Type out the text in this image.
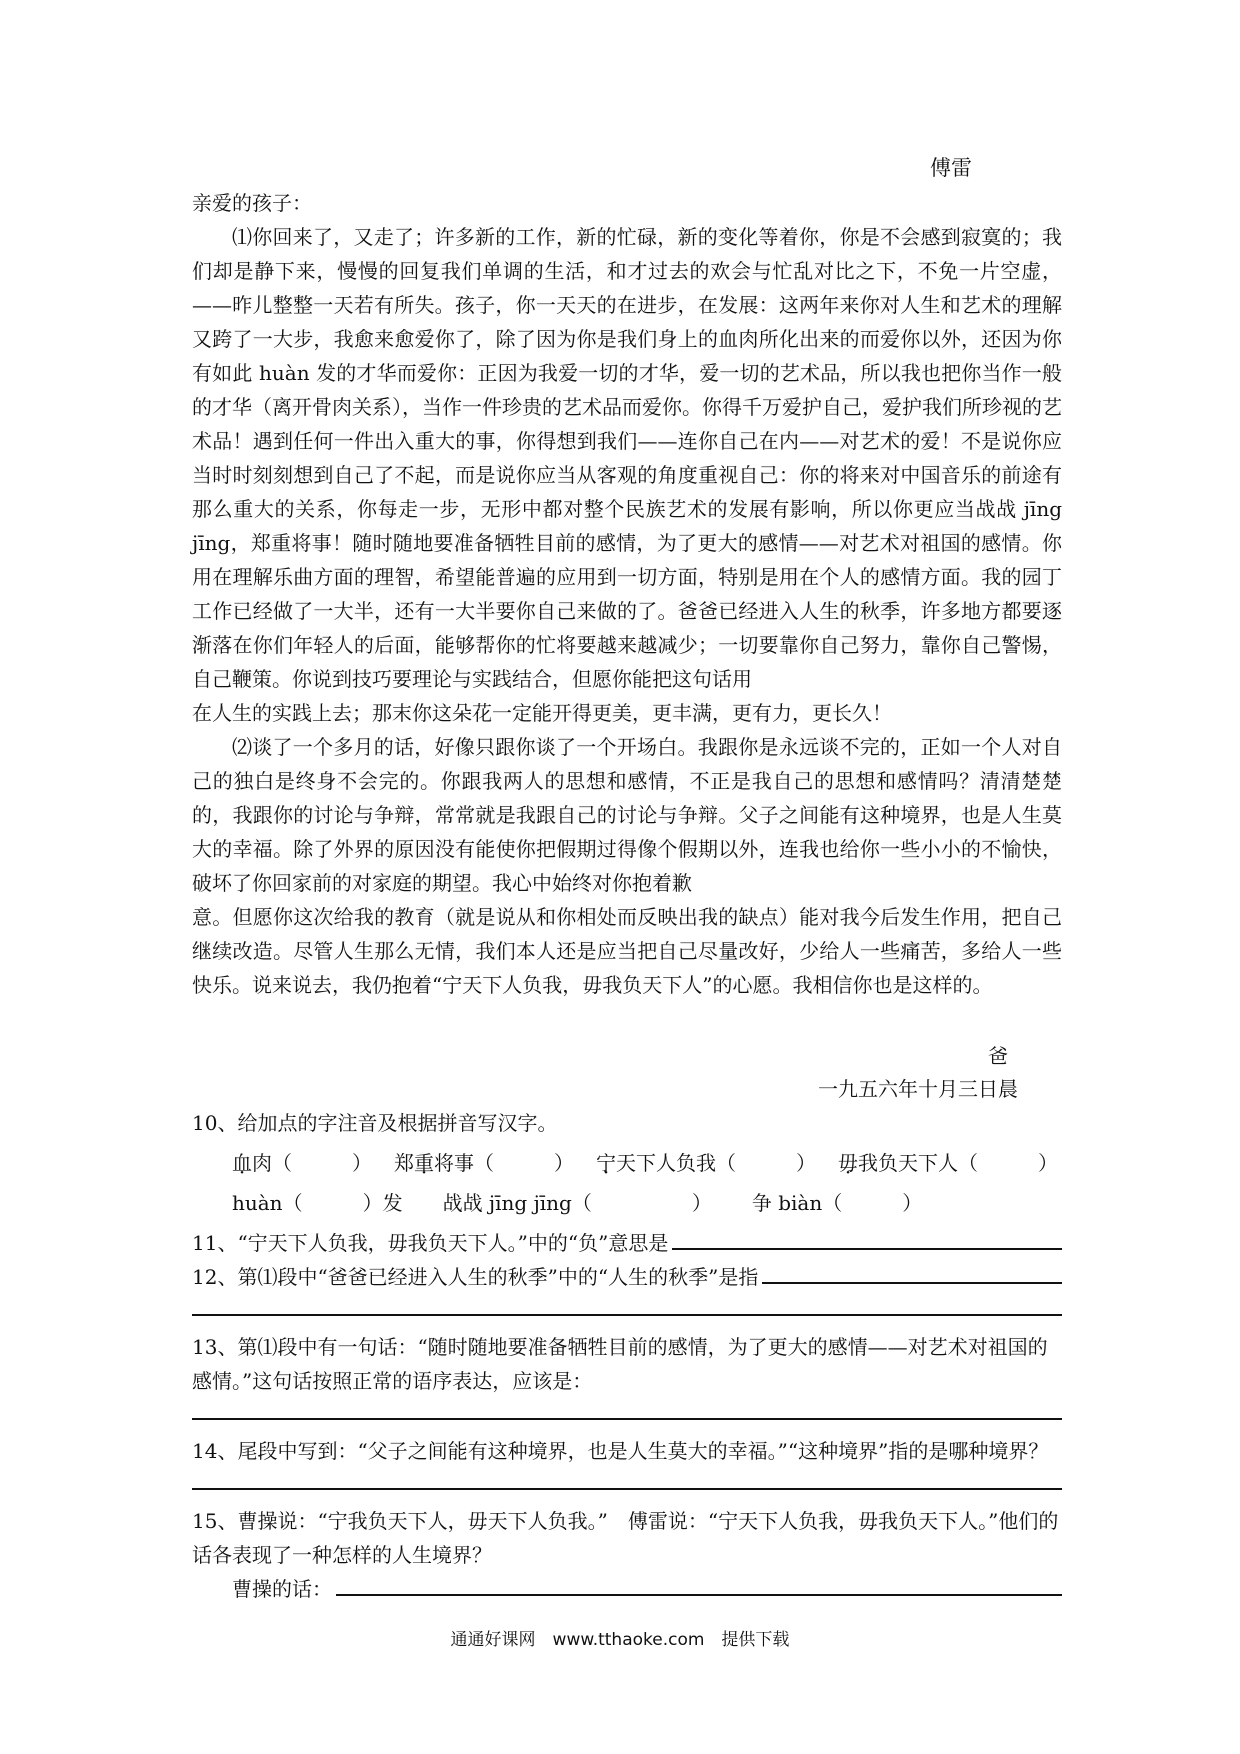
傅雷

亲爱的孩子：

⑴你回来了，又走了；许多新的工作，新的忙碌，新的变化等着你，你是不会感到寂寞的；我们却是静下来，慢慢的回复我们单调的生活，和才过去的欢会与忙乱对比之下，不免一片空虚，——昨儿整整一天若有所失。孩子，你一天天的在进步，在发展：这两年来你对人生和艺术的理解又跨了一大步，我愈来愈爱你了，除了因为你是我们身上的血肉所化出来的而爱你以外，还因为你有如此 huàn 发的才华而爱你：正因为我爱一切的才华，爱一切的艺术品，所以我也把你当作一般的才华（离开骨肉关系），当作一件珍贵的艺术品而爱你。你得千万爱护自己，爱护我们所珍视的艺术品！遇到任何一件出入重大的事，你得想到我们——连你自己在内——对艺术的爱！不是说你应当时时刻刻想到自己了不起，而是说你应当从客观的角度重视自己：你的将来对中国音乐的前途有那么重大的关系，你每走一步，无形中都对整个民族艺术的发展有影响，所以你更应当战战 jīng jīng，郑重将事！随时随地要准备牺牲目前的感情，为了更大的感情——对艺术对祖国的感情。你用在理解乐曲方面的理智，希望能普遍的应用到一切方面，特别是用在个人的感情方面。我的园丁工作已经做了一大半，还有一大半要你自己来做的了。爸爸已经进入人生的秋季，许多地方都要逐渐落在你们年轻人的后面，能够帮你的忙将要越来越减少；一切要靠你自己努力，靠你自己警惕，自己鞭策。你说到技巧要理论与实践结合，但愿你能把这句话用

在人生的实践上去；那末你这朵花一定能开得更美，更丰满，更有力，更长久！

⑵谈了一个多月的话，好像只跟你谈了一个开场白。我跟你是永远谈不完的，正如一个人对自己的独白是终身不会完的。你跟我两人的思想和感情，不正是我自己的思想和感情吗？清清楚楚的，我跟你的讨论与争辩，常常就是我跟自己的讨论与争辩。父子之间能有这种境界，也是人生莫大的幸福。除了外界的原因没有能使你把假期过得像个假期以外，连我也给你一些小小的不愉快，破坏了你回家前的对家庭的期望。我心中始终对你抱着歉

意。但愿你这次给我的教育（就是说从和你相处而反映出我的缺点）能对我今后发生作用，把自己继续改造。尽管人生那么无情，我们本人还是应当把自己尽量改好，少给人一些痛苦，多给人一些快乐。说来说去，我仍抱着“宁天下人负我，毋我负天下人”的心愿。我相信你也是这样的。

爸
一九五六年十月三日晨

10、给加点的字注音及根据拼音写汉字。

血肉（　　　） 郑重将事（　　　） 宁天下人负我（　　　） 毋我负天下人（　　　）
huàn（　　　）发 战战 jīng jīng（　　　　　） 争 biàn（　　　）
11、“宁天下人负我，毋我负天下人。”中的“负”意思是
12、第⑴段中“爸爸已经进入人生的秋季”中的“人生的秋季”是指

13、第⑴段中有一句话：“随时随地要准备牺牲目前的感情，为了更大的感情——对艺术对祖国的感情。”这句话按照正常的语序表达，应该是：

14、尾段中写到：“父子之间能有这种境界，也是人生莫大的幸福。”“这种境界”指的是哪种境界？

15、曹操说：“宁我负天下人，毋天下人负我。”　傅雷说：“宁天下人负我，毋我负天下人。”他们的话各表现了一种怎样的人生境界？

曹操的话：
通通好课网　www.tthaoke.com　提供下载
